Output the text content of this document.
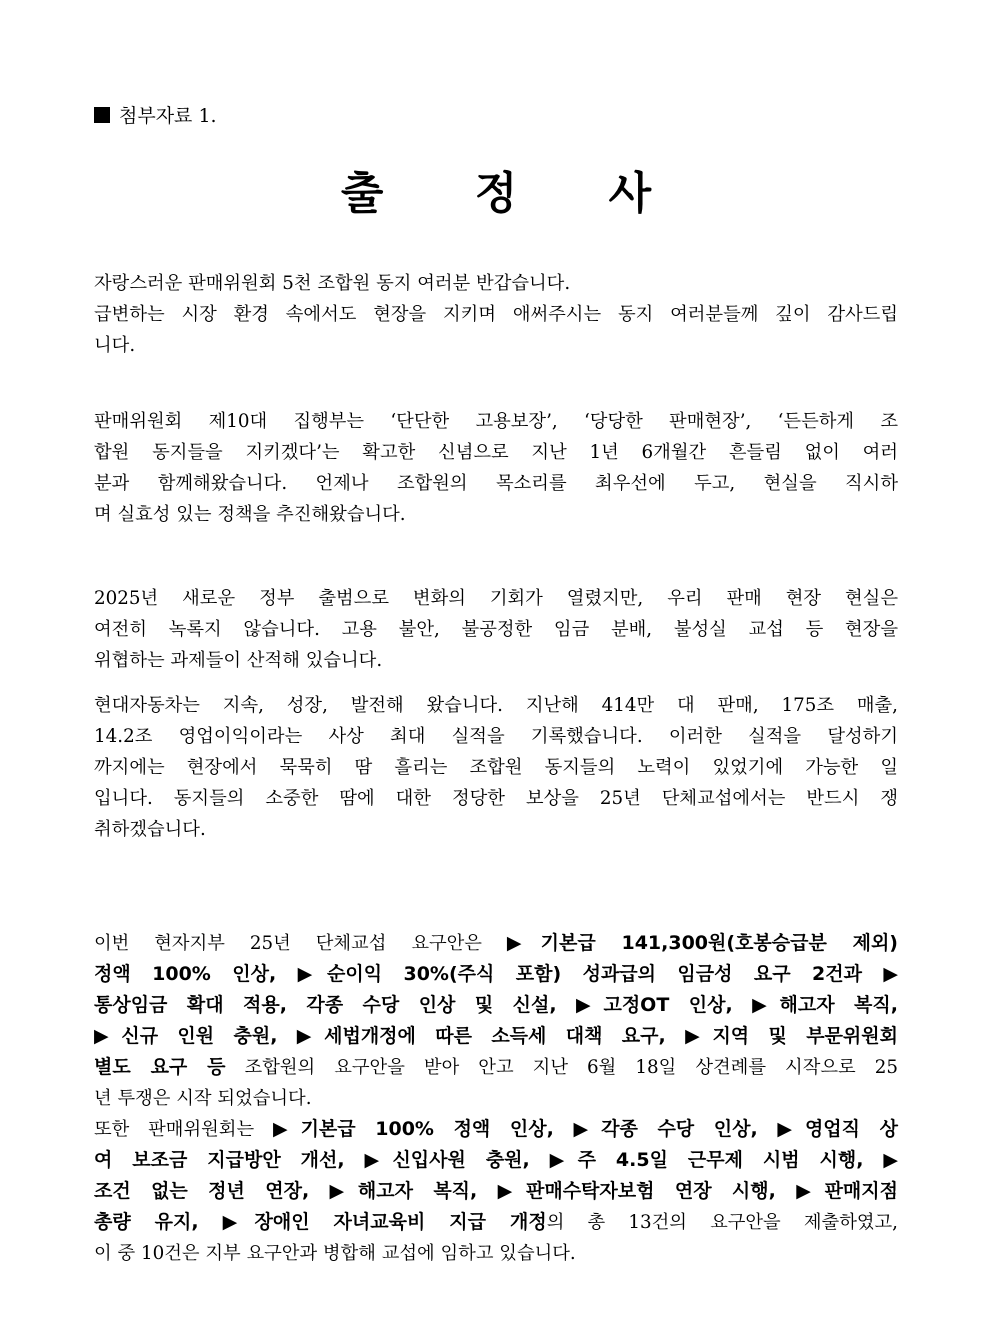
첨부자료 1.
출 정 사
자랑스러운 판매위원회 5천 조합원 동지 여러분 반갑습니다.
급변하는 시장 환경 속에서도 현장을 지키며 애써주시는 동지 여러분들께 깊이 감사드립
니다.
판매위원회 제10대 집행부는 ‘단단한 고용보장’, ‘당당한 판매현장’, ‘든든하게 조
합원 동지들을 지키겠다’는 확고한 신념으로 지난 1년 6개월간 흔들림 없이 여러
분과 함께해왔습니다. 언제나 조합원의 목소리를 최우선에 두고, 현실을 직시하
며 실효성 있는 정책을 추진해왔습니다.
2025년 새로운 정부 출범으로 변화의 기회가 열렸지만, 우리 판매 현장 현실은
여전히 녹록지 않습니다. 고용 불안, 불공정한 임금 분배, 불성실 교섭 등 현장을
위협하는 과제들이 산적해 있습니다.
현대자동차는 지속, 성장, 발전해 왔습니다. 지난해 414만 대 판매, 175조 매출,
14.2조 영업이익이라는 사상 최대 실적을 기록했습니다. 이러한 실적을 달성하기
까지에는 현장에서 묵묵히 땀 흘리는 조합원 동지들의 노력이 있었기에 가능한 일
입니다. 동지들의 소중한 땀에 대한 정당한 보상을 25년 단체교섭에서는 반드시 쟁
취하겠습니다.
이번 현자지부 25년 단체교섭 요구안은 ▶기본급 141,300원(호봉승급분 제외)
정액 100% 인상, ▶순이익 30%(주식 포함) 성과급의 임금성 요구 2건과 ▶
통상임금 확대 적용, 각종 수당 인상 및 신설, ▶고정OT 인상, ▶해고자 복직,
▶신규 인원 충원, ▶세법개정에 따른 소득세 대책 요구, ▶지역 및 부문위원회
별도 요구 등 조합원의 요구안을 받아 안고 지난 6월 18일 상견례를 시작으로 25
년 투쟁은 시작 되었습니다.
또한 판매위원회는 ▶기본급 100% 정액 인상, ▶각종 수당 인상, ▶영업직 상
여 보조금 지급방안 개선, ▶신입사원 충원, ▶주 4.5일 근무제 시범 시행, ▶
조건 없는 정년 연장, ▶해고자 복직, ▶판매수탁자보험 연장 시행, ▶판매지점
총량 유지, ▶장애인 자녀교육비 지급 개정의 총 13건의 요구안을 제출하였고,
이 중 10건은 지부 요구안과 병합해 교섭에 임하고 있습니다.
